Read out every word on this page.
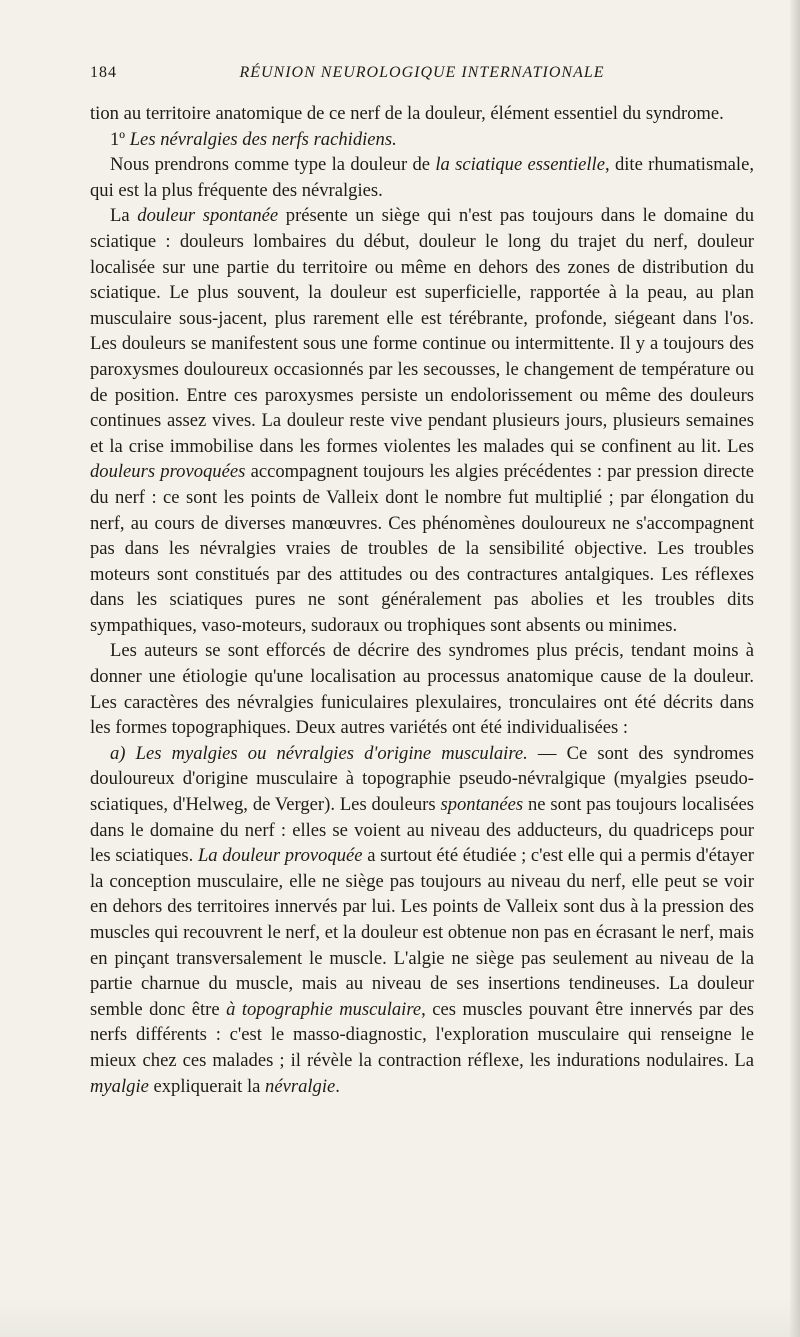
184	RÉUNION NEUROLOGIQUE INTERNATIONALE

tion au territoire anatomique de ce nerf de la douleur, élément essentiel du syndrome.

1º Les névralgies des nerfs rachidiens.

Nous prendrons comme type la douleur de la sciatique essentielle, dite rhumatismale, qui est la plus fréquente des névralgies.

La douleur spontanée présente un siège qui n'est pas toujours dans le domaine du sciatique : douleurs lombaires du début, douleur le long du trajet du nerf, douleur localisée sur une partie du territoire ou même en dehors des zones de distribution du sciatique. Le plus souvent, la douleur est superficielle, rapportée à la peau, au plan musculaire sous-jacent, plus rarement elle est térébrante, profonde, siégeant dans l'os. Les douleurs se manifestent sous une forme continue ou intermittente. Il y a toujours des paroxysmes douloureux occasionnés par les secousses, le changement de température ou de position. Entre ces paroxysmes persiste un endolorissement ou même des douleurs continues assez vives. La douleur reste vive pendant plusieurs jours, plusieurs semaines et la crise immobilise dans les formes violentes les malades qui se confinent au lit. Les douleurs provoquées accompagnent toujours les algies précédentes : par pression directe du nerf : ce sont les points de Valleix dont le nombre fut multiplié ; par élongation du nerf, au cours de diverses manœuvres. Ces phénomènes douloureux ne s'accompagnent pas dans les névralgies vraies de troubles de la sensibilité objective. Les troubles moteurs sont constitués par des attitudes ou des contractures antalgiques. Les réflexes dans les sciatiques pures ne sont généralement pas abolies et les troubles dits sympathiques, vaso-moteurs, sudoraux ou trophiques sont absents ou minimes.

Les auteurs se sont efforcés de décrire des syndromes plus précis, tendant moins à donner une étiologie qu'une localisation au processus anatomique cause de la douleur. Les caractères des névralgies funiculaires plexulaires, tronculaires ont été décrits dans les formes topographiques. Deux autres variétés ont été individualisées :

a) Les myalgies ou névralgies d'origine musculaire. — Ce sont des syndromes douloureux d'origine musculaire à topographie pseudo-névralgique (myalgies pseudo-sciatiques, d'Helweg, de Verger). Les douleurs spontanées ne sont pas toujours localisées dans le domaine du nerf : elles se voient au niveau des adducteurs, du quadriceps pour les sciatiques. La douleur provoquée a surtout été étudiée ; c'est elle qui a permis d'étayer la conception musculaire, elle ne siège pas toujours au niveau du nerf, elle peut se voir en dehors des territoires innervés par lui. Les points de Valleix sont dus à la pression des muscles qui recouvrent le nerf, et la douleur est obtenue non pas en écrasant le nerf, mais en pinçant transversalement le muscle. L'algie ne siège pas seulement au niveau de la partie charnue du muscle, mais au niveau de ses insertions tendineuses. La douleur semble donc être à topographie musculaire, ces muscles pouvant être innervés par des nerfs différents : c'est le masso-diagnostic, l'exploration musculaire qui renseigne le mieux chez ces malades ; il révèle la contraction réflexe, les indurations nodulaires. La myalgie expliquerait la névralgie.
